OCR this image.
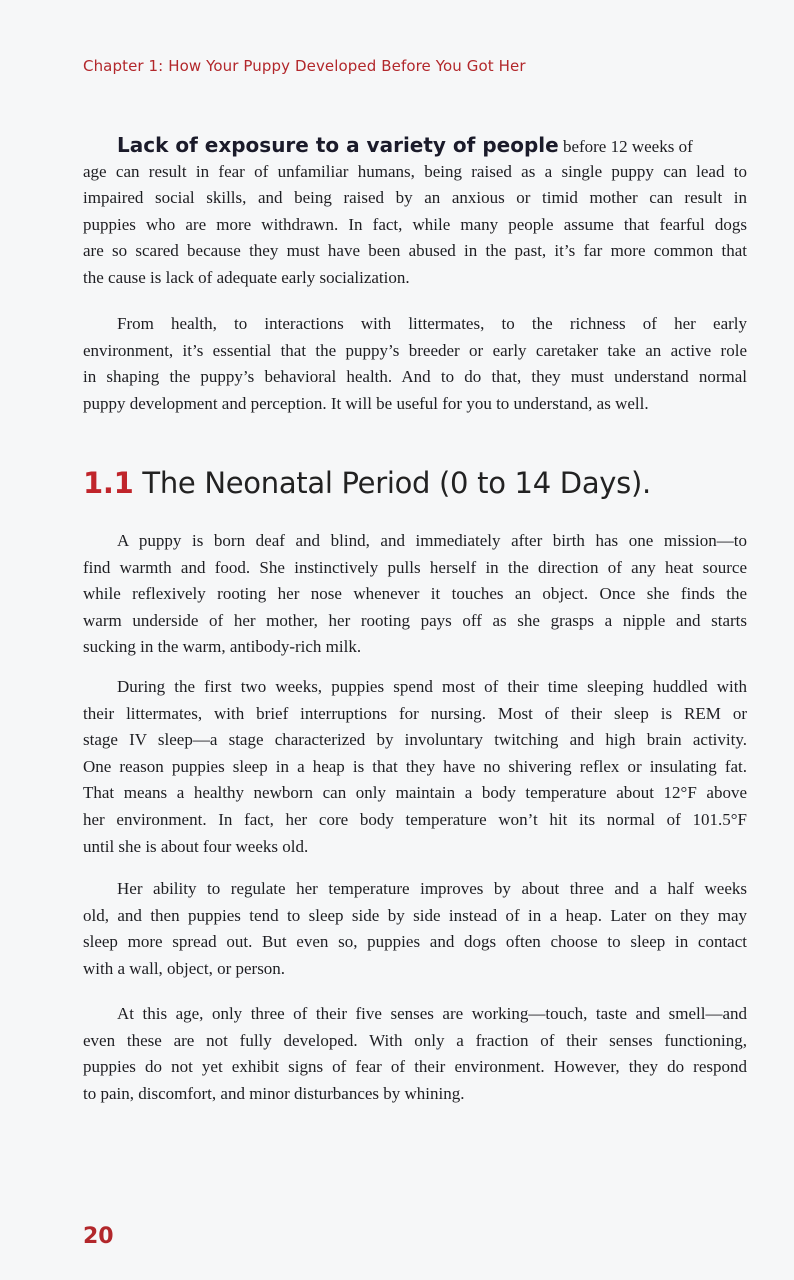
Chapter 1: How Your Puppy Developed Before You Got Her
Lack of exposure to a variety of people before 12 weeks of
age can result in fear of unfamiliar humans, being raised as a single puppy can lead to
impaired social skills, and being raised by an anxious or timid mother can result in
puppies who are more withdrawn. In fact, while many people assume that fearful dogs
are so scared because they must have been abused in the past, it’s far more common that
the cause is lack of adequate early socialization.
From health, to interactions with littermates, to the richness of her early
environment, it’s essential that the puppy’s breeder or early caretaker take an active role
in shaping the puppy’s behavioral health. And to do that, they must understand normal
puppy development and perception. It will be useful for you to understand, as well.
1.1 The Neonatal Period (0 to 14 Days).
A puppy is born deaf and blind, and immediately after birth has one mission—to
find warmth and food. She instinctively pulls herself in the direction of any heat source
while reflexively rooting her nose whenever it touches an object. Once she finds the
warm underside of her mother, her rooting pays off as she grasps a nipple and starts
sucking in the warm, antibody-rich milk.
During the first two weeks, puppies spend most of their time sleeping huddled with
their littermates, with brief interruptions for nursing. Most of their sleep is REM or
stage IV sleep—a stage characterized by involuntary twitching and high brain activity.
One reason puppies sleep in a heap is that they have no shivering reflex or insulating fat.
That means a healthy newborn can only maintain a body temperature about 12°F above
her environment. In fact, her core body temperature won’t hit its normal of 101.5°F
until she is about four weeks old.
Her ability to regulate her temperature improves by about three and a half weeks
old, and then puppies tend to sleep side by side instead of in a heap. Later on they may
sleep more spread out. But even so, puppies and dogs often choose to sleep in contact
with a wall, object, or person.
At this age, only three of their five senses are working—touch, taste and smell—and
even these are not fully developed. With only a fraction of their senses functioning,
puppies do not yet exhibit signs of fear of their environment. However, they do respond
to pain, discomfort, and minor disturbances by whining.
20
